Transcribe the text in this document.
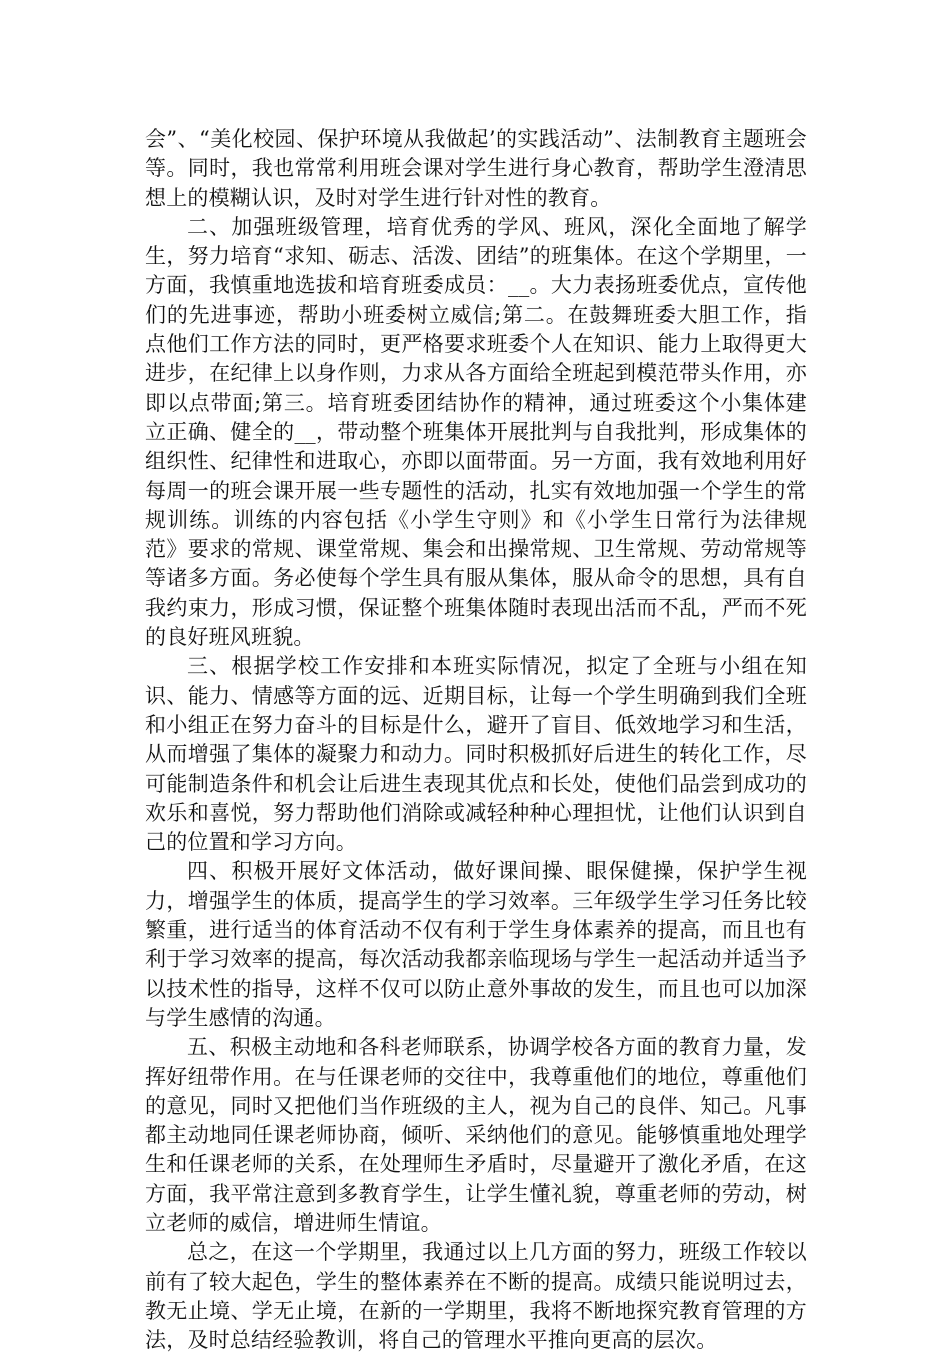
会”、“美化校园、保护环境从我做起’的实践活动”、法制教育主题班会等。同时，我也常常利用班会课对学生进行身心教育，帮助学生澄清思想上的模糊认识，及时对学生进行针对性的教育。

二、加强班级管理，培育优秀的学风、班风，深化全面地了解学生，努力培育“求知、砺志、活泼、团结”的班集体。在这个学期里，一方面，我慎重地选拔和培育班委成员：__。大力表扬班委优点，宣传他们的先进事迹，帮助小班委树立威信;第二。在鼓舞班委大胆工作，指点他们工作方法的同时，更严格要求班委个人在知识、能力上取得更大进步，在纪律上以身作则，力求从各方面给全班起到模范带头作用，亦即以点带面;第三。培育班委团结协作的精神，通过班委这个小集体建立正确、健全的__，带动整个班集体开展批判与自我批判，形成集体的组织性、纪律性和进取心，亦即以面带面。另一方面，我有效地利用好每周一的班会课开展一些专题性的活动，扎实有效地加强一个学生的常规训练。训练的内容包括《小学生守则》和《小学生日常行为法律规范》要求的常规、课堂常规、集会和出操常规、卫生常规、劳动常规等等诸多方面。务必使每个学生具有服从集体，服从命令的思想，具有自我约束力，形成习惯，保证整个班集体随时表现出活而不乱，严而不死的良好班风班貌。

三、根据学校工作安排和本班实际情况，拟定了全班与小组在知识、能力、情感等方面的远、近期目标，让每一个学生明确到我们全班和小组正在努力奋斗的目标是什么，避开了盲目、低效地学习和生活，从而增强了集体的凝聚力和动力。同时积极抓好后进生的转化工作，尽可能制造条件和机会让后进生表现其优点和长处，使他们品尝到成功的欢乐和喜悦，努力帮助他们消除或减轻种种心理担忧，让他们认识到自己的位置和学习方向。

四、积极开展好文体活动，做好课间操、眼保健操，保护学生视力，增强学生的体质，提高学生的学习效率。三年级学生学习任务比较繁重，进行适当的体育活动不仅有利于学生身体素养的提高，而且也有利于学习效率的提高，每次活动我都亲临现场与学生一起活动并适当予以技术性的指导，这样不仅可以防止意外事故的发生，而且也可以加深与学生感情的沟通。

五、积极主动地和各科老师联系，协调学校各方面的教育力量，发挥好纽带作用。在与任课老师的交往中，我尊重他们的地位，尊重他们的意见，同时又把他们当作班级的主人，视为自己的良伴、知己。凡事都主动地同任课老师协商，倾听、采纳他们的意见。能够慎重地处理学生和任课老师的关系，在处理师生矛盾时，尽量避开了激化矛盾，在这方面，我平常注意到多教育学生，让学生懂礼貌，尊重老师的劳动，树立老师的威信，增进师生情谊。

总之，在这一个学期里，我通过以上几方面的努力，班级工作较以前有了较大起色，学生的整体素养在不断的提高。成绩只能说明过去，教无止境、学无止境，在新的一学期里，我将不断地探究教育管理的方法，及时总结经验教训，将自己的管理水平推向更高的层次。
